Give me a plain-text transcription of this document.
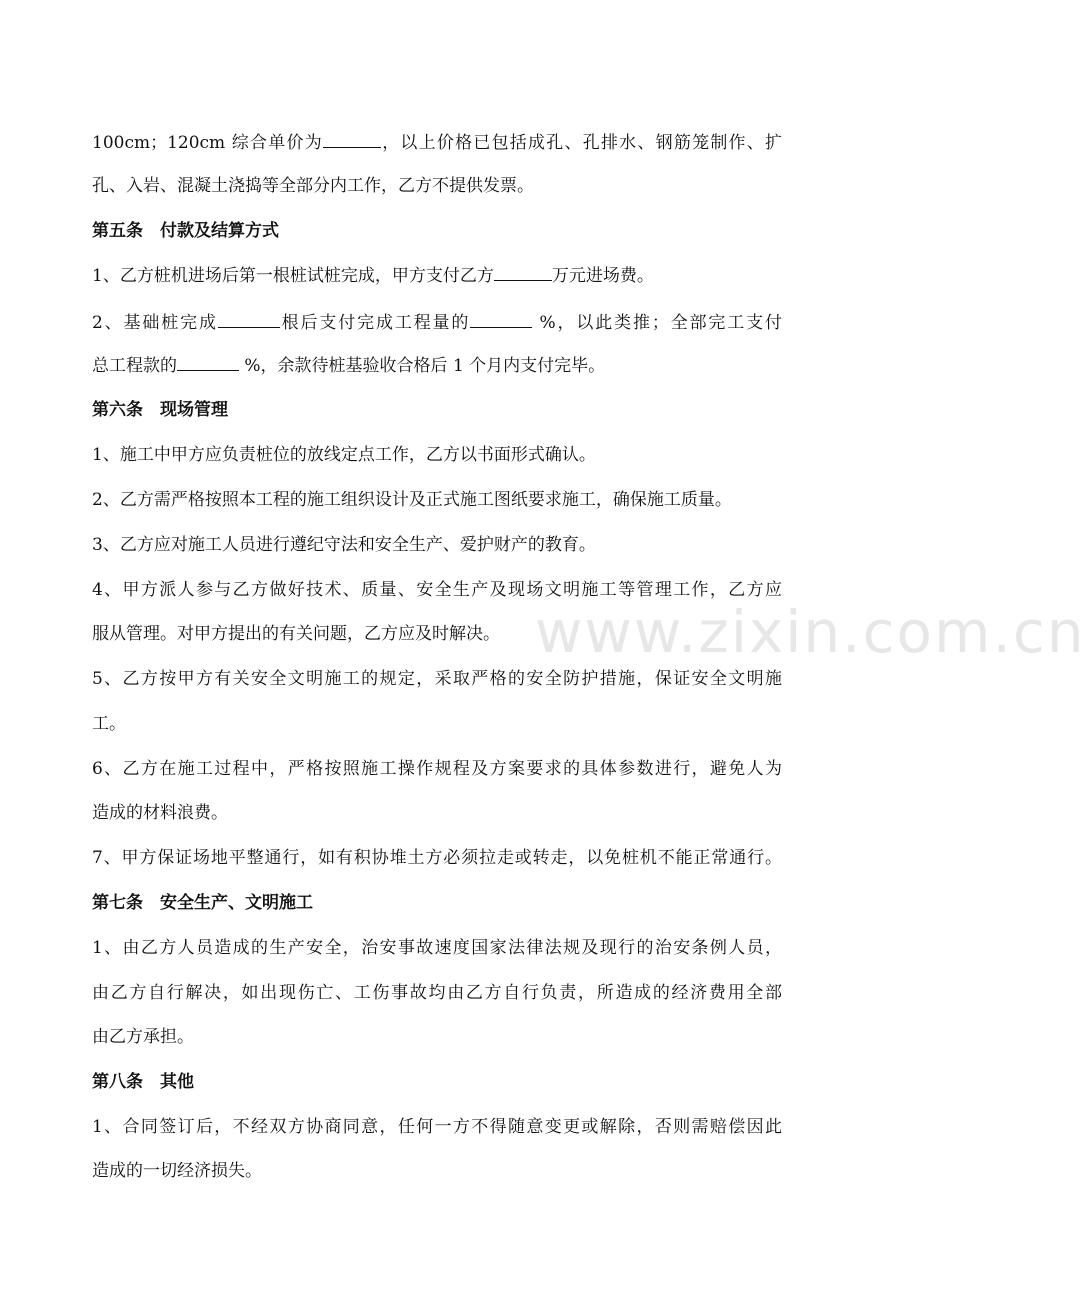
100cm；120cm 综合单价为	，以上价格已包括成孔、孔排水、钢筋笼制作、扩
孔、入岩、混凝土浇捣等全部分内工作，乙方不提供发票。
第五条　付款及结算方式
1、乙方桩机进场后第一根桩试桩完成，甲方支付乙方	万元进场费。
2、基础桩完成	根后支付完成工程量的	%，以此类推；全部完工支付
总工程款的	%，余款待桩基验收合格后 1 个月内支付完毕。
第六条　现场管理
1、施工中甲方应负责桩位的放线定点工作，乙方以书面形式确认。
2、乙方需严格按照本工程的施工组织设计及正式施工图纸要求施工，确保施工质量。
3、乙方应对施工人员进行遵纪守法和安全生产、爱护财产的教育。
4、甲方派人参与乙方做好技术、质量、安全生产及现场文明施工等管理工作，乙方应
服从管理。对甲方提出的有关问题，乙方应及时解决。
5、乙方按甲方有关安全文明施工的规定，采取严格的安全防护措施，保证安全文明施
工。
6、乙方在施工过程中，严格按照施工操作规程及方案要求的具体参数进行，避免人为
造成的材料浪费。
7、甲方保证场地平整通行，如有积协堆土方必须拉走或转走，以免桩机不能正常通行。
第七条　安全生产、文明施工
1、由乙方人员造成的生产安全，治安事故速度国家法律法规及现行的治安条例人员，
由乙方自行解决，如出现伤亡、工伤事故均由乙方自行负责，所造成的经济费用全部
由乙方承担。
第八条　其他
1、合同签订后，不经双方协商同意，任何一方不得随意变更或解除，否则需赔偿因此
造成的一切经济损失。
www.zixin.com.cn
